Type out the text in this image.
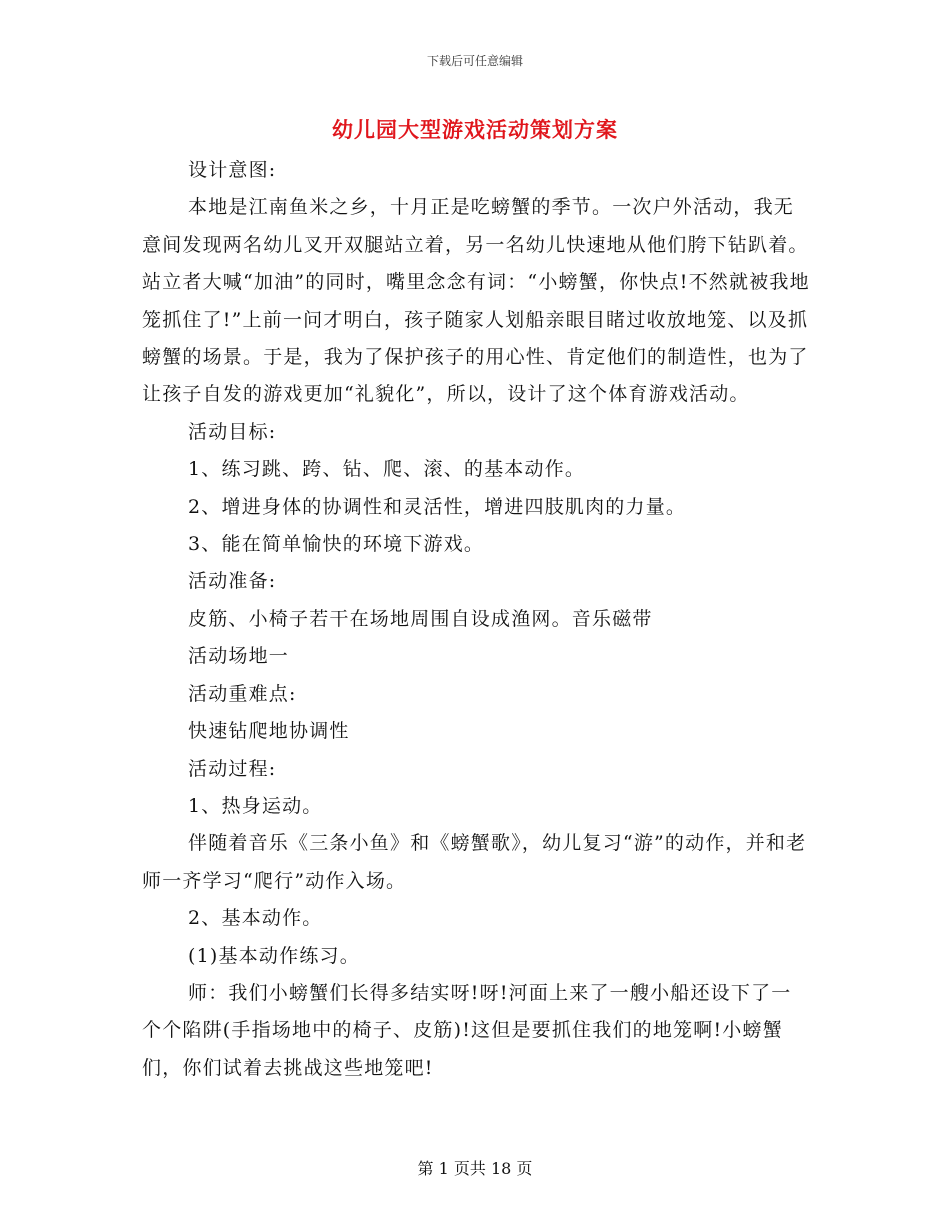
下载后可任意编辑
幼儿园大型游戏活动策划方案

设计意图:

本地是江南鱼米之乡，十月正是吃螃蟹的季节。一次户外活动，我无意间发现两名幼儿叉开双腿站立着，另一名幼儿快速地从他们胯下钻趴着。站立者大喊“加油”的同时，嘴里念念有词：“小螃蟹，你快点!不然就被我地笼抓住了!”上前一问才明白，孩子随家人划船亲眼目睹过收放地笼、以及抓螃蟹的场景。于是，我为了保护孩子的用心性、肯定他们的制造性，也为了让孩子自发的游戏更加“礼貌化”，所以，设计了这个体育游戏活动。

活动目标:

1、练习跳、跨、钻、爬、滚、的基本动作。

2、增进身体的协调性和灵活性，增进四肢肌肉的力量。

3、能在简单愉快的环境下游戏。

活动准备:

皮筋、小椅子若干在场地周围自设成渔网。音乐磁带

活动场地一

活动重难点:

快速钻爬地协调性

活动过程:

1、热身运动。

伴随着音乐《三条小鱼》和《螃蟹歌》，幼儿复习“游”的动作，并和老师一齐学习“爬行”动作入场。

2、基本动作。

(1)基本动作练习。

师：我们小螃蟹们长得多结实呀!呀!河面上来了一艘小船还设下了一个个陷阱(手指场地中的椅子、皮筋)!这但是要抓住我们的地笼啊!小螃蟹们，你们试着去挑战这些地笼吧!

第 1 页共 18 页
